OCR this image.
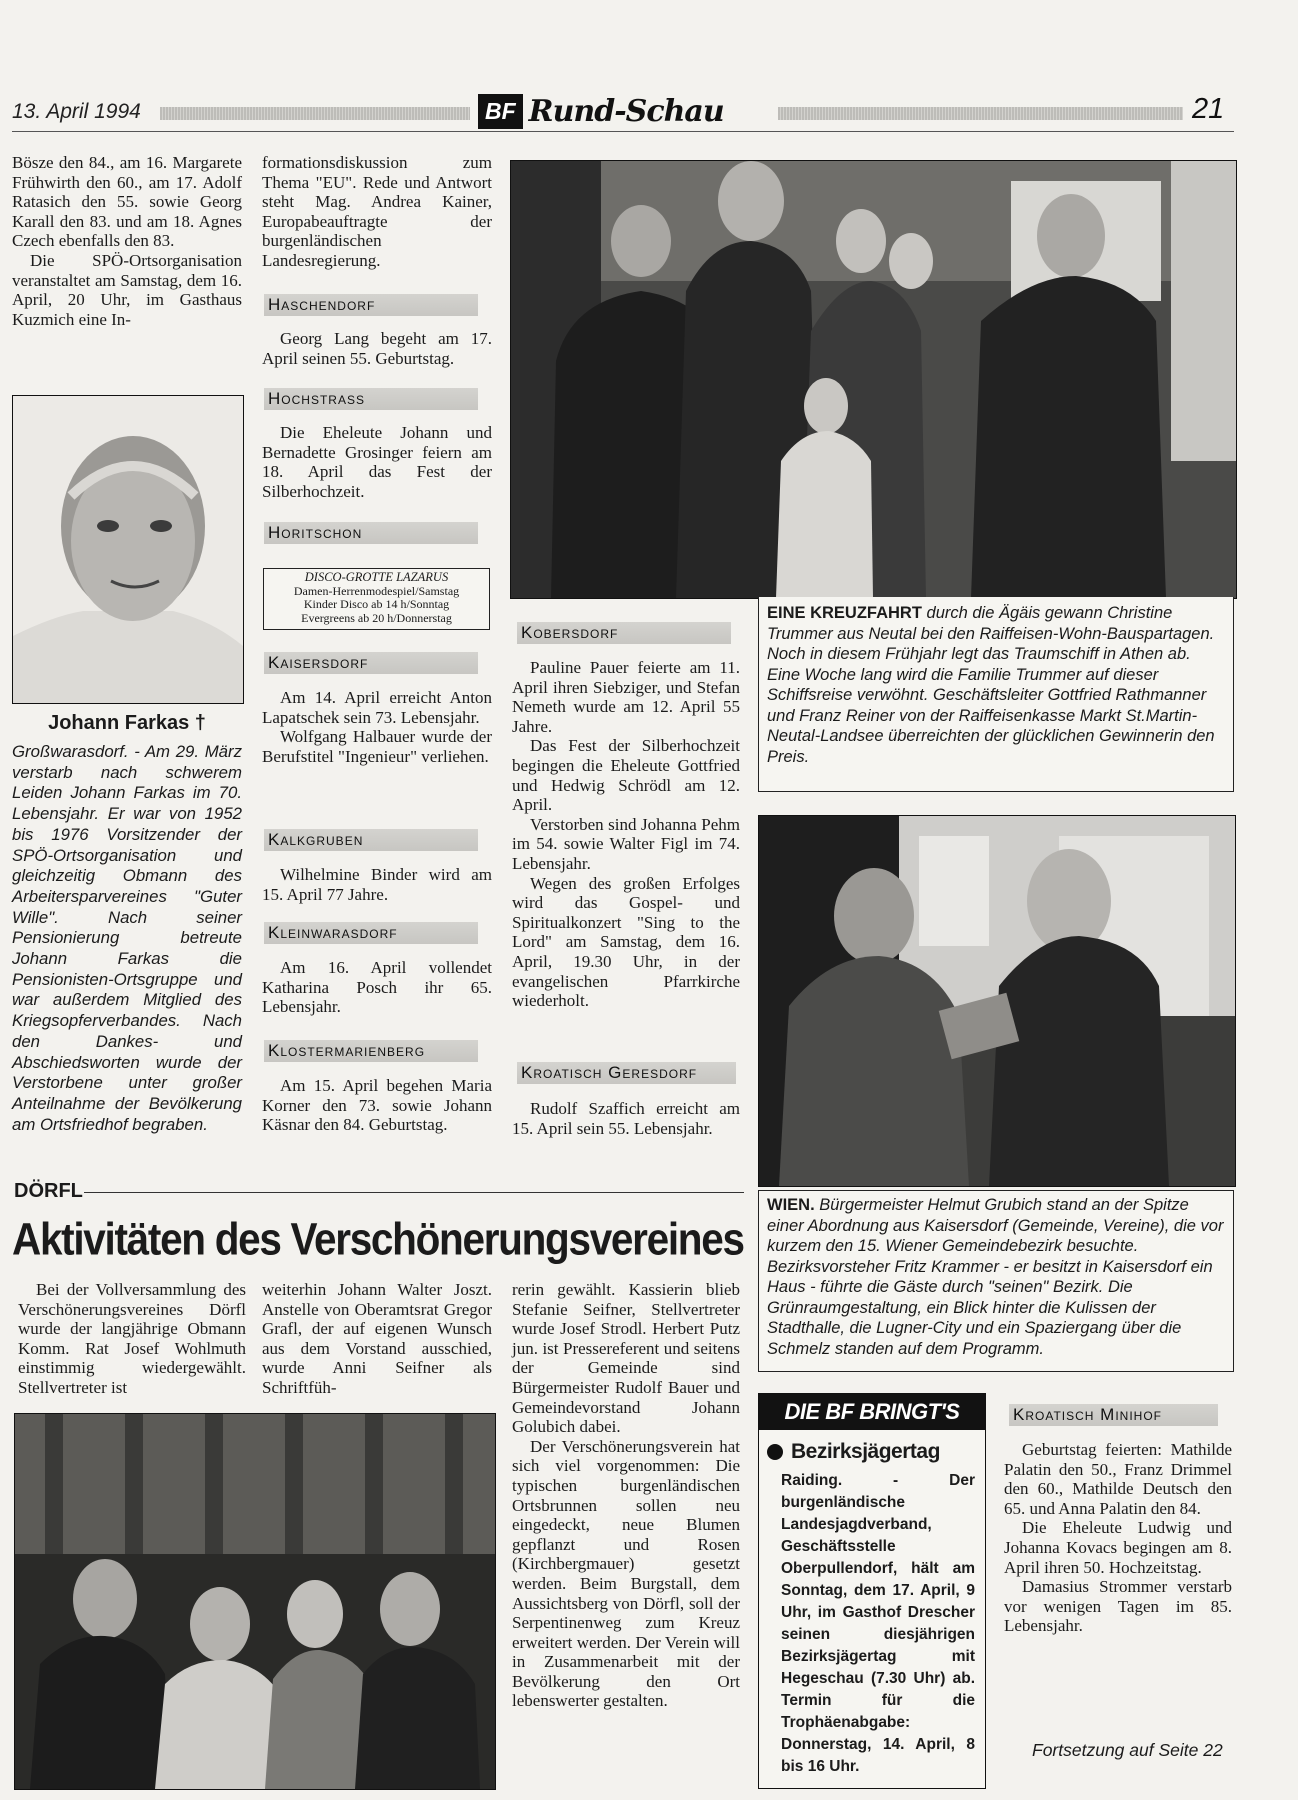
13. April 1994	BF Rund-Schau	21

Bösze den 84., am 16. Margarete Frühwirth den 60., am 17. Adolf Ratasich den 55. sowie Georg Karall den 83. und am 18. Agnes Czech ebenfalls den 83.

Die SPÖ-Ortsorganisation veranstaltet am Samstag, dem 16. April, 20 Uhr, im Gasthaus Kuzmich eine In-

Johann Farkas †
Großwarasdorf. - Am 29. März verstarb nach schwerem Leiden Johann Farkas im 70. Lebensjahr. Er war von 1952 bis 1976 Vorsitzender der SPÖ-Ortsorganisation und gleichzeitig Obmann des Arbeitersparvereines "Guter Wille". Nach seiner Pensionierung betreute Johann Farkas die Pensionisten-Ortsgruppe und war außerdem Mitglied des Kriegsopferverbandes. Nach den Dankes- und Abschiedsworten wurde der Verstorbene unter großer Anteilnahme der Bevölkerung am Ortsfriedhof begraben.

formationsdiskussion zum Thema "EU". Rede und Antwort steht Mag. Andrea Kainer, Europabeauftragte der burgenländischen Landesregierung.

Haschendorf

Georg Lang begeht am 17. April seinen 55. Geburtstag.

Hochstrass

Die Eheleute Johann und Bernadette Grosinger feiern am 18. April das Fest der Silberhochzeit.

Horitschon
DISCO-GROTTE LAZARUS
Damen-Herrenmodespiel/Samstag
Kinder Disco ab 14 h/Sonntag
Evergreens ab 20 h/Donnerstag
Kaisersdorf

Am 14. April erreicht Anton Lapatschek sein 73. Lebensjahr.

Wolfgang Halbauer wurde der Berufstitel "Ingenieur" verliehen.

Kalkgruben

Wilhelmine Binder wird am 15. April 77 Jahre.

Kleinwarasdorf

Am 16. April vollendet Katharina Posch ihr 65. Lebensjahr.

Klostermarienberg

Am 15. April begehen Maria Korner den 73. sowie Johann Käsnar den 84. Geburtstag.

Kobersdorf

Pauline Pauer feierte am 11. April ihren Siebziger, und Stefan Nemeth wurde am 12. April 55 Jahre.

Das Fest der Silberhochzeit begingen die Eheleute Gottfried und Hedwig Schrödl am 12. April.

Verstorben sind Johanna Pehm im 54. sowie Walter Figl im 74. Lebensjahr.

Wegen des großen Erfolges wird das Gospel- und Spiritualkonzert "Sing to the Lord" am Samstag, dem 16. April, 19.30 Uhr, in der evangelischen Pfarrkirche wiederholt.

Kroatisch Geresdorf

Rudolf Szaffich erreicht am 15. April sein 55. Lebensjahr.

EINE KREUZFAHRT durch die Ägäis gewann Christine Trummer aus Neutal bei den Raiffeisen-Wohn-Bauspartagen. Noch in diesem Frühjahr legt das Traumschiff in Athen ab. Eine Woche lang wird die Familie Trummer auf dieser Schiffsreise verwöhnt. Geschäftsleiter Gottfried Rathmanner und Franz Reiner von der Raiffeisenkasse Markt St.Martin-Neutal-Landsee überreichten der glücklichen Gewinnerin den Preis.
WIEN. Bürgermeister Helmut Grubich stand an der Spitze einer Abordnung aus Kaisersdorf (Gemeinde, Vereine), die vor kurzem den 15. Wiener Gemeindebezirk besuchte. Bezirksvorsteher Fritz Krammer - er besitzt in Kaisersdorf ein Haus - führte die Gäste durch "seinen" Bezirk. Die Grünraumgestaltung, ein Blick hinter die Kulissen der Stadthalle, die Lugner-City und ein Spaziergang über die Schmelz standen auf dem Programm.
DÖRFL
Aktivitäten des Verschönerungsvereines

Bei der Vollversammlung des Verschönerungsvereines Dörfl wurde der langjährige Obmann Komm. Rat Josef Wohlmuth einstimmig wiedergewählt. Stellvertreter ist

weiterhin Johann Walter Joszt. Anstelle von Oberamtsrat Gregor Grafl, der auf eigenen Wunsch aus dem Vorstand ausschied, wurde Anni Seifner als Schriftfüh-

rerin gewählt. Kassierin blieb Stefanie Seifner, Stellvertreter wurde Josef Strodl. Herbert Putz jun. ist Pressereferent und seitens der Gemeinde sind Bürgermeister Rudolf Bauer und Gemeindevorstand Johann Golubich dabei.

Der Verschönerungsverein hat sich viel vorgenommen: Die typischen burgenländischen Ortsbrunnen sollen neu eingedeckt, neue Blumen gepflanzt und Rosen (Kirchbergmauer) gesetzt werden. Beim Burgstall, dem Aussichtsberg von Dörfl, soll der Serpentinenweg zum Kreuz erweitert werden. Der Verein will in Zusammenarbeit mit der Bevölkerung den Ort lebenswerter gestalten.

DIE BF BRINGT'S
Bezirksjägertag
Raiding. - Der burgenländische Landesjagdverband, Geschäftsstelle Oberpullendorf, hält am Sonntag, dem 17. April, 9 Uhr, im Gasthof Drescher seinen diesjährigen Bezirksjägertag mit Hegeschau (7.30 Uhr) ab. Termin für die Trophäenabgabe: Donnerstag, 14. April, 8 bis 16 Uhr.
Kroatisch Minihof

Geburtstag feierten: Mathilde Palatin den 50., Franz Drimmel den 60., Mathilde Deutsch den 65. und Anna Palatin den 84.

Die Eheleute Ludwig und Johanna Kovacs begingen am 8. April ihren 50. Hochzeitstag.

Damasius Strommer verstarb vor wenigen Tagen im 85. Lebensjahr.

Fortsetzung auf Seite 22
